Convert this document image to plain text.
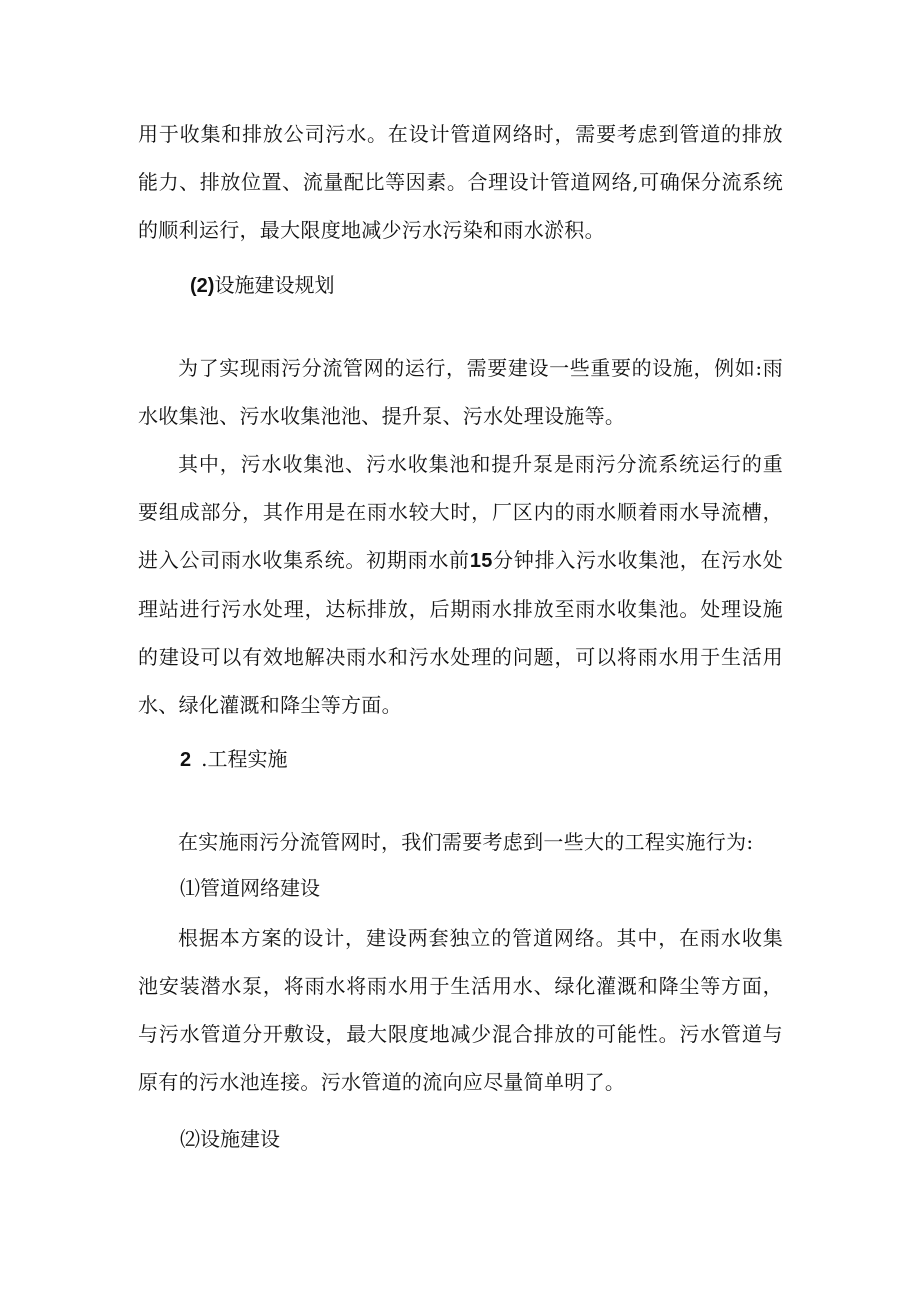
用于收集和排放公司污水。在设计管道网络时，需要考虑到管道的排放能力、排放位置、流量配比等因素。合理设计管道网络,可确保分流系统的顺利运行，最大限度地减少污水污染和雨水淤积。

(2)设施建设规划

为了实现雨污分流管网的运行，需要建设一些重要的设施，例如:雨水收集池、污水收集池池、提升泵、污水处理设施等。

其中，污水收集池、污水收集池和提升泵是雨污分流系统运行的重要组成部分，其作用是在雨水较大时，厂区内的雨水顺着雨水导流槽，进入公司雨水收集系统。初期雨水前15分钟排入污水收集池，在污水处理站进行污水处理，达标排放，后期雨水排放至雨水收集池。处理设施的建设可以有效地解决雨水和污水处理的问题，可以将雨水用于生活用水、绿化灌溉和降尘等方面。

2 .工程实施

在实施雨污分流管网时，我们需要考虑到一些大的工程实施行为:

⑴管道网络建设

根据本方案的设计，建设两套独立的管道网络。其中，在雨水收集池安装潜水泵，将雨水将雨水用于生活用水、绿化灌溉和降尘等方面，与污水管道分开敷设，最大限度地减少混合排放的可能性。污水管道与原有的污水池连接。污水管道的流向应尽量简单明了。

⑵设施建设
